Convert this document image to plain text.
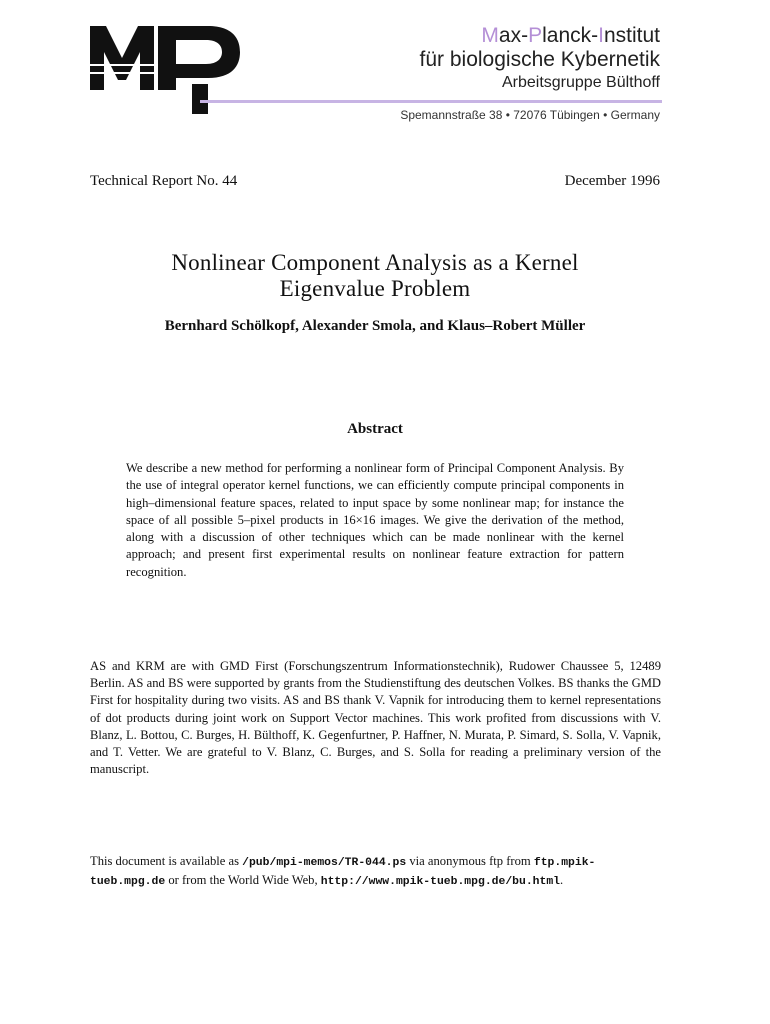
Max-Planck-Institut
für biologische Kybernetik
Arbeitsgruppe Bülthoff
Spemannstraße 38 • 72076 Tübingen • Germany
Technical Report No. 44	December 1996
Nonlinear Component Analysis as a Kernel
Eigenvalue Problem
Bernhard Schölkopf, Alexander Smola, and Klaus–Robert Müller
Abstract
We describe a new method for performing a nonlinear form of Principal Component Analysis. By the use of integral operator kernel functions, we can efficiently compute principal components in high–dimensional feature spaces, related to input space by some nonlinear map; for instance the space of all possible 5–pixel products in 16×16 images. We give the derivation of the method, along with a discussion of other techniques which can be made nonlinear with the kernel approach; and present first experimental results on nonlinear feature extraction for pattern recognition.
AS and KRM are with GMD First (Forschungszentrum Informationstechnik), Rudower Chaussee 5, 12489 Berlin. AS and BS were supported by grants from the Studienstiftung des deutschen Volkes. BS thanks the GMD First for hospitality during two visits. AS and BS thank V. Vapnik for introducing them to kernel representations of dot products during joint work on Support Vector machines. This work profited from discussions with V. Blanz, L. Bottou, C. Burges, H. Bülthoff, K. Gegenfurtner, P. Haffner, N. Murata, P. Simard, S. Solla, V. Vapnik, and T. Vetter. We are grateful to V. Blanz, C. Burges, and S. Solla for reading a preliminary version of the manuscript.
This document is available as /pub/mpi-memos/TR-044.ps via anonymous ftp from ftp.mpik-tueb.mpg.de or from the World Wide Web, http://www.mpik-tueb.mpg.de/bu.html.
